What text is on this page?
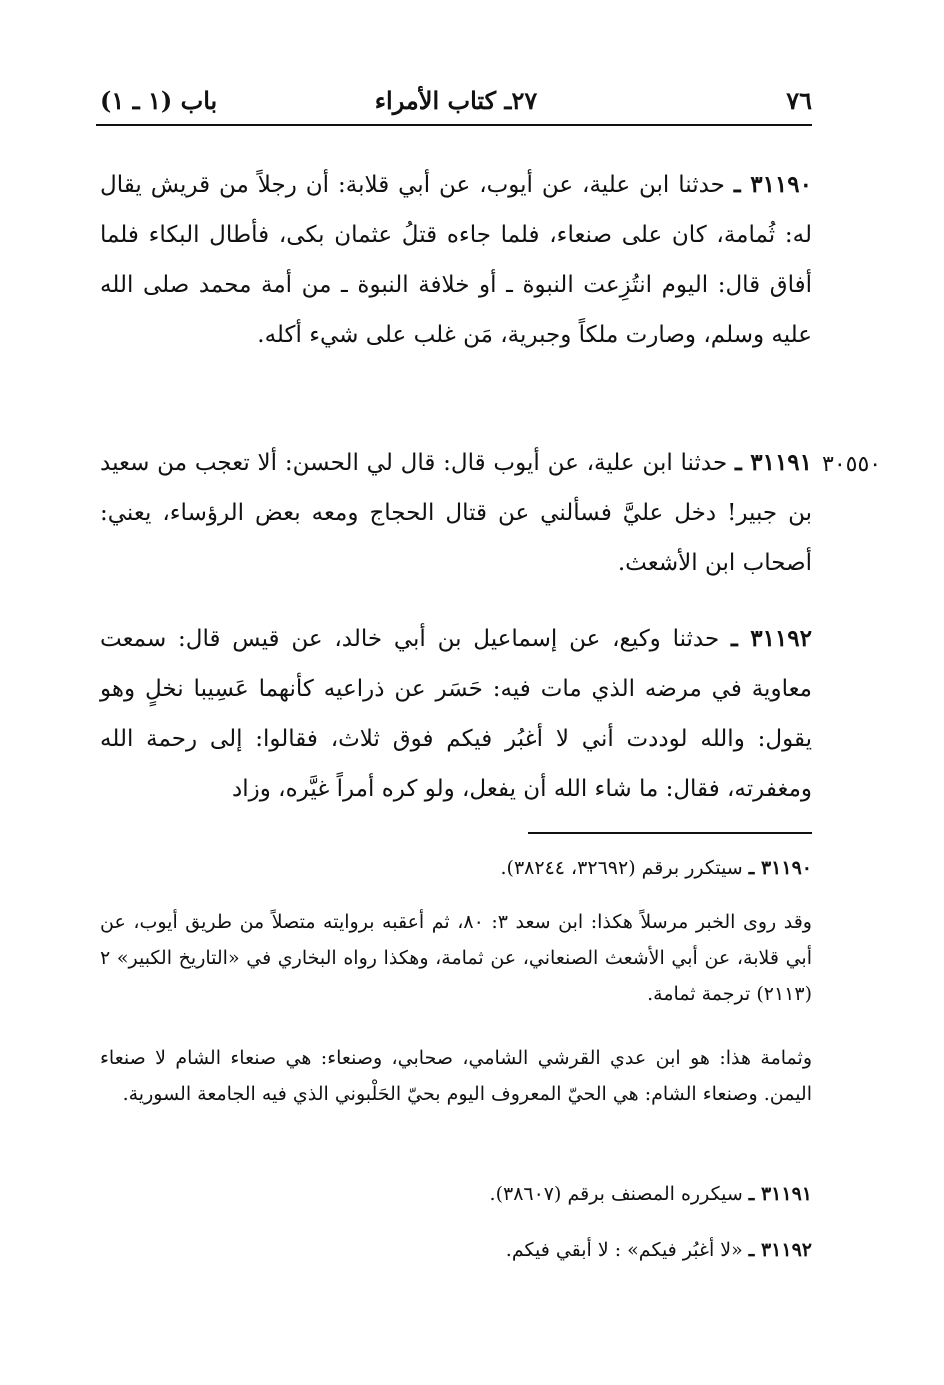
٧٦
٢٧ـ كتاب الأمراء
باب (١ ـ ١)
٣٠٥٥٠

٣١١٩٠ ـ حدثنا ابن علية، عن أيوب، عن أبي قلابة: أن رجلاً من قريش يقال له: ثُمامة، كان على صنعاء، فلما جاءه قتلُ عثمان بكى، فأطال البكاء فلما أفاق قال: اليوم انتُزِعت النبوة ـ أو خلافة النبوة ـ من أمة محمد صلى الله عليه وسلم، وصارت ملكاً وجبرية، مَن غلب على شيء أكله.

٣١١٩١ ـ حدثنا ابن علية، عن أيوب قال: قال لي الحسن: ألا تعجب من سعيد بن جبير! دخل عليَّ فسألني عن قتال الحجاج ومعه بعض الرؤساء، يعني: أصحاب ابن الأشعث.

٣١١٩٢ ـ حدثنا وكيع، عن إسماعيل بن أبي خالد، عن قيس قال: سمعت معاوية في مرضه الذي مات فيه: حَسَر عن ذراعيه كأنهما عَسِيبا نخلٍ وهو يقول: والله لوددت أني لا أغبُر فيكم فوق ثلاث، فقالوا: إلى رحمة الله ومغفرته، فقال: ما شاء الله أن يفعل، ولو كره أمراً غيَّره، وزاد

٣١١٩٠ ـ سيتكرر برقم (٣٢٦٩٢، ٣٨٢٤٤).

وقد روى الخبر مرسلاً هكذا: ابن سعد ٣: ٨٠، ثم أعقبه بروايته متصلاً من طريق أيوب، عن أبي قلابة، عن أبي الأشعث الصنعاني، عن ثمامة، وهكذا رواه البخاري في «التاريخ الكبير» ٢ (٢١١٣) ترجمة ثمامة.

وثمامة هذا: هو ابن عدي القرشي الشامي، صحابي، وصنعاء: هي صنعاء الشام لا صنعاء اليمن. وصنعاء الشام: هي الحيّ المعروف اليوم بحيّ الحَلْبوني الذي فيه الجامعة السورية.

٣١١٩١ ـ سيكرره المصنف برقم (٣٨٦٠٧).

٣١١٩٢ ـ «لا أغبُر فيكم» : لا أبقي فيكم.
